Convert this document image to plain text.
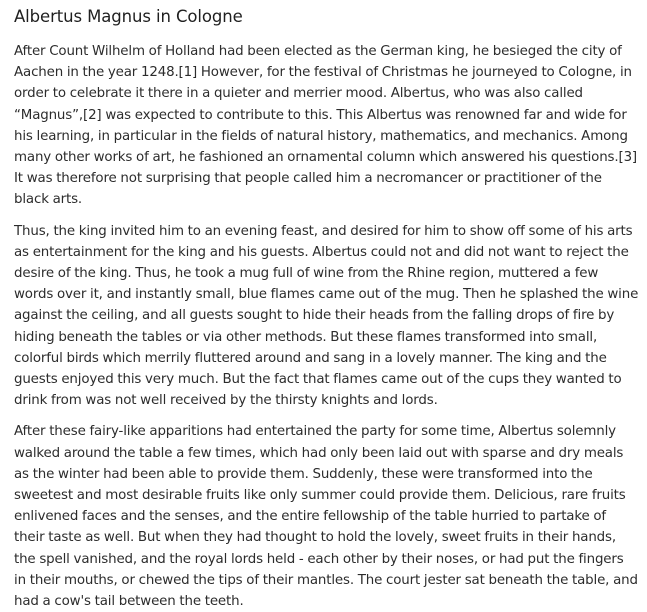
Albertus Magnus in Cologne

After Count Wilhelm of Holland had been elected as the German king, he besieged the city of Aachen in the year 1248.[1] However, for the festival of Christmas he journeyed to Cologne, in order to celebrate it there in a quieter and merrier mood. Albertus, who was also called “Magnus”,[2] was expected to contribute to this. This Albertus was renowned far and wide for his learning, in particular in the fields of natural history, mathematics, and mechanics. Among many other works of art, he fashioned an ornamental column which answered his questions.[3] It was therefore not surprising that people called him a necromancer or practitioner of the black arts.

Thus, the king invited him to an evening feast, and desired for him to show off some of his arts as entertainment for the king and his guests. Albertus could not and did not want to reject the desire of the king. Thus, he took a mug full of wine from the Rhine region, muttered a few words over it, and instantly small, blue flames came out of the mug. Then he splashed the wine against the ceiling, and all guests sought to hide their heads from the falling drops of fire by hiding beneath the tables or via other methods. But these flames transformed into small, colorful birds which merrily fluttered around and sang in a lovely manner. The king and the guests enjoyed this very much. But the fact that flames came out of the cups they wanted to drink from was not well received by the thirsty knights and lords.

After these fairy-like apparitions had entertained the party for some time, Albertus solemnly walked around the table a few times, which had only been laid out with sparse and dry meals as the winter had been able to provide them. Suddenly, these were transformed into the sweetest and most desirable fruits like only summer could provide them. Delicious, rare fruits enlivened faces and the senses, and the entire fellowship of the table hurried to partake of their taste as well. But when they had thought to hold the lovely, sweet fruits in their hands, the spell vanished, and the royal lords held - each other by their noses, or had put the fingers in their mouths, or chewed the tips of their mantles. The court jester sat beneath the table, and had a cow's tail between the teeth.
